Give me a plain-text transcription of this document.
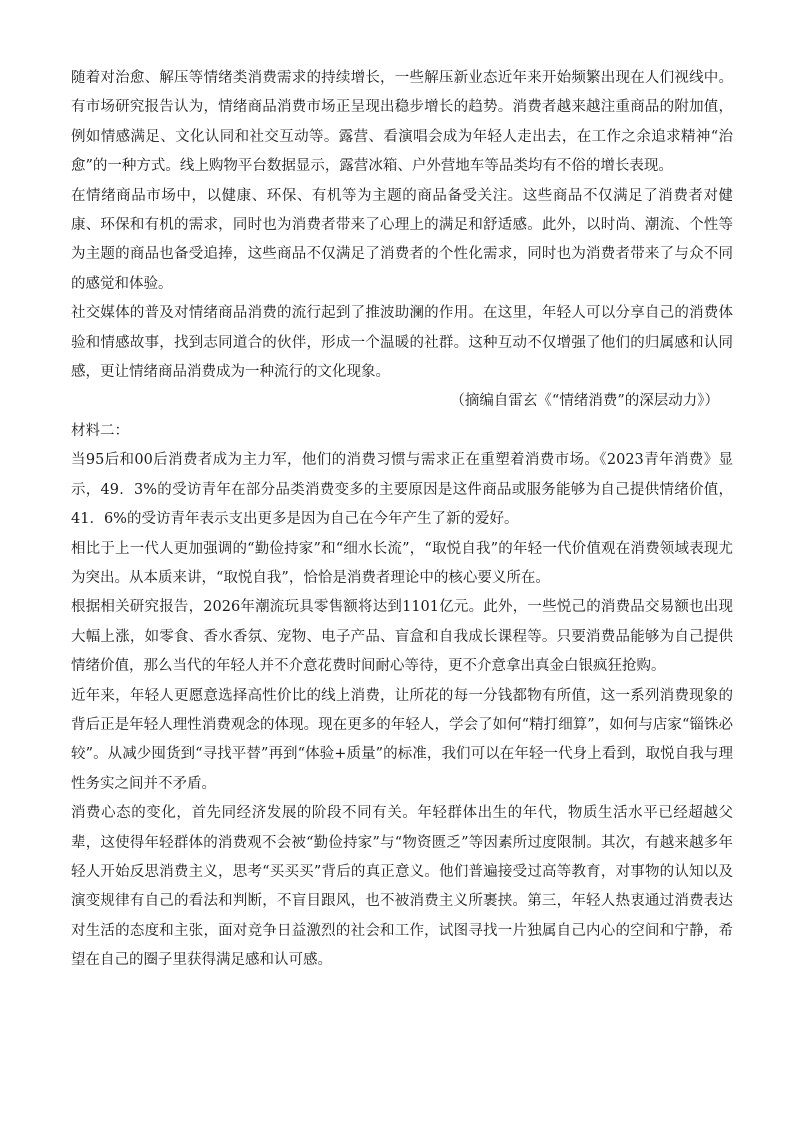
随着对治愈、解压等情绪类消费需求的持续增长，一些解压新业态近年来开始频繁出现在人们视线中。有市场研究报告认为，情绪商品消费市场正呈现出稳步增长的趋势。消费者越来越注重商品的附加值，例如情感满足、文化认同和社交互动等。露营、看演唱会成为年轻人走出去，在工作之余追求精神“治愈”的一种方式。线上购物平台数据显示，露营冰箱、户外营地车等品类均有不俗的增长表现。

在情绪商品市场中，以健康、环保、有机等为主题的商品备受关注。这些商品不仅满足了消费者对健康、环保和有机的需求，同时也为消费者带来了心理上的满足和舒适感。此外，以时尚、潮流、个性等为主题的商品也备受追捧，这些商品不仅满足了消费者的个性化需求，同时也为消费者带来了与众不同的感觉和体验。

社交媒体的普及对情绪商品消费的流行起到了推波助澜的作用。在这里，年轻人可以分享自己的消费体验和情感故事，找到志同道合的伙伴，形成一个温暖的社群。这种互动不仅增强了他们的归属感和认同感，更让情绪商品消费成为一种流行的文化现象。

（摘编自雷玄《“情绪消费”的深层动力》）

材料二：

当95后和00后消费者成为主力军，他们的消费习惯与需求正在重塑着消费市场。《2023青年消费》显示，49．3%的受访青年在部分品类消费变多的主要原因是这件商品或服务能够为自己提供情绪价值，41．6%的受访青年表示支出更多是因为自己在今年产生了新的爱好。

相比于上一代人更加强调的“勤俭持家”和“细水长流”，“取悦自我”的年轻一代价值观在消费领域表现尤为突出。从本质来讲，“取悦自我”，恰恰是消费者理论中的核心要义所在。

根据相关研究报告，2026年潮流玩具零售额将达到1101亿元。此外，一些悦己的消费品交易额也出现大幅上涨，如零食、香水香氛、宠物、电子产品、盲盒和自我成长课程等。只要消费品能够为自己提供情绪价值，那么当代的年轻人并不介意花费时间耐心等待，更不介意拿出真金白银疯狂抢购。

近年来，年轻人更愿意选择高性价比的线上消费，让所花的每一分钱都物有所值，这一系列消费现象的背后正是年轻人理性消费观念的体现。现在更多的年轻人，学会了如何“精打细算”，如何与店家“锱铢必较”。从减少囤货到“寻找平替”再到“体验+质量”的标准，我们可以在年轻一代身上看到，取悦自我与理性务实之间并不矛盾。

消费心态的变化，首先同经济发展的阶段不同有关。年轻群体出生的年代，物质生活水平已经超越父辈，这使得年轻群体的消费观不会被“勤俭持家”与“物资匮乏”等因素所过度限制。其次，有越来越多年轻人开始反思消费主义，思考“买买买”背后的真正意义。他们普遍接受过高等教育，对事物的认知以及演变规律有自己的看法和判断，不盲目跟风，也不被消费主义所裹挟。第三，年轻人热衷通过消费表达对生活的态度和主张，面对竞争日益激烈的社会和工作，试图寻找一片独属自己内心的空间和宁静，希望在自己的圈子里获得满足感和认可感。
